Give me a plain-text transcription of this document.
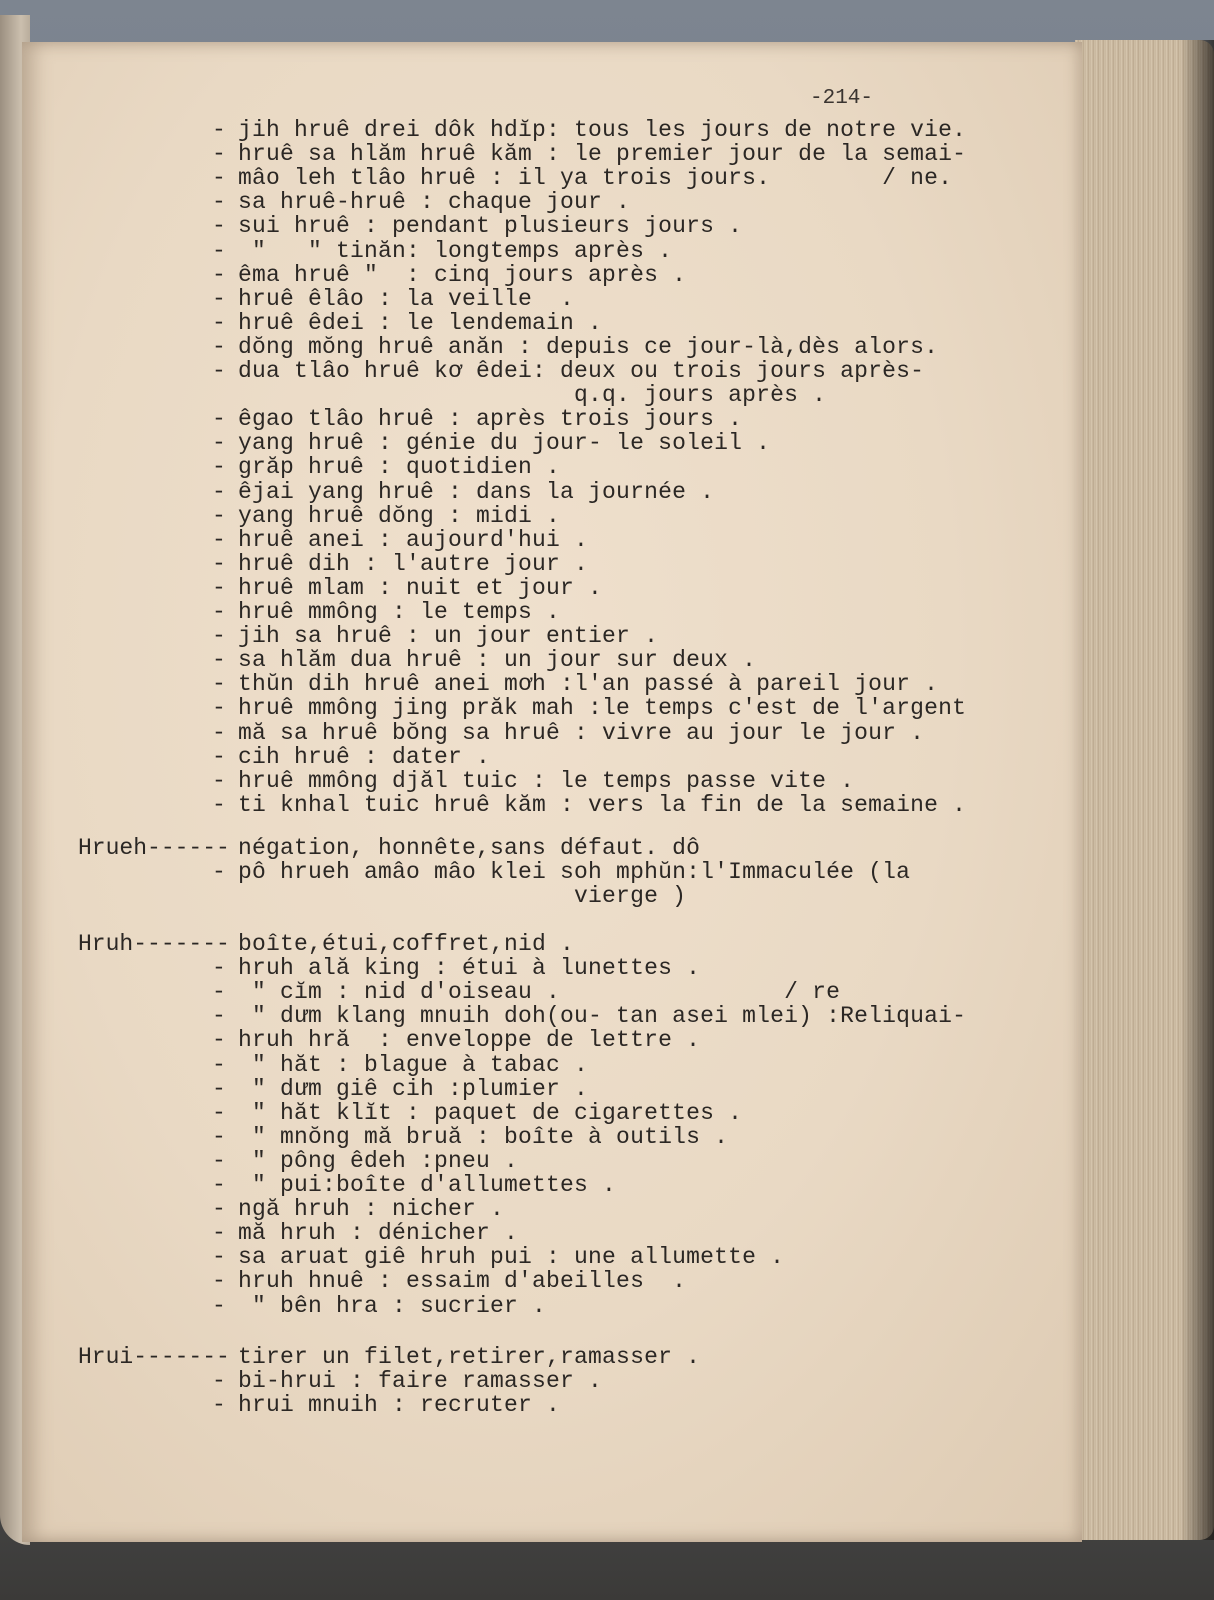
-214-
- jih hruê drei dôk hdĭp: tous les jours de notre vie.
- hruê sa hlăm hruê kăm : le premier jour de la semai-
- mâo leh tlâo hruê : il ya trois jours.        / ne.
- sa hruê-hruê : chaque jour .
- sui hruê : pendant plusieurs jours .
- "   " tinăn: longtemps après .
- êma hruê "  : cinq jours après .
- hruê êlâo : la veille  .
- hruê êdei : le lendemain .
- dŏng mŏng hruê anăn : depuis ce jour-là,dès alors.
- dua tlâo hruê kơ êdei: deux ou trois jours après-
q.q. jours après .
- êgao tlâo hruê : après trois jours .
- yang hruê : génie du jour- le soleil .
- grăp hruê : quotidien .
- êjai yang hruê : dans la journée .
- yang hruê dŏng : midi .
- hruê anei : aujourd'hui .
- hruê dih : l'autre jour .
- hruê mlam : nuit et jour .
- hruê mmông : le temps .
- jih sa hruê : un jour entier .
- sa hlăm dua hruê : un jour sur deux .
- thŭn dih hruê anei mơh :l'an passé à pareil jour .
- hruê mmông jing prăk mah :le temps c'est de l'argent
- mă sa hruê bŏng sa hruê : vivre au jour le jour .
- cih hruê : dater .
- hruê mmông djăl tuic : le temps passe vite .
- ti knhal tuic hruê kăm : vers la fin de la semaine .
Hrueh------ négation, honnête,sans défaut. dô
- pô hrueh amâo mâo klei soh mphŭn:l'Immaculée (la
vierge )
Hruh------- boîte,étui,coffret,nid .
- hruh ală king : étui à lunettes .
- " cĭm : nid d'oiseau .                / re
- " dưm klang mnuih doh(ou- tan asei mlei) :Reliquai-
- hruh hră  : enveloppe de lettre .
- " hăt : blague à tabac .
- " dưm giê cih :plumier .
- " hăt klĭt : paquet de cigarettes .
- " mnŏng mă bruă : boîte à outils .
- " pông êdeh :pneu .
- " pui:boîte d'allumettes .
- ngă hruh : nicher .
- mă hruh : dénicher .
- sa aruat giê hruh pui : une allumette .
- hruh hnuê : essaim d'abeilles  .
- " bên hra : sucrier .
Hrui------- tirer un filet,retirer,ramasser .
- bi-hrui : faire ramasser .
- hrui mnuih : recruter .
